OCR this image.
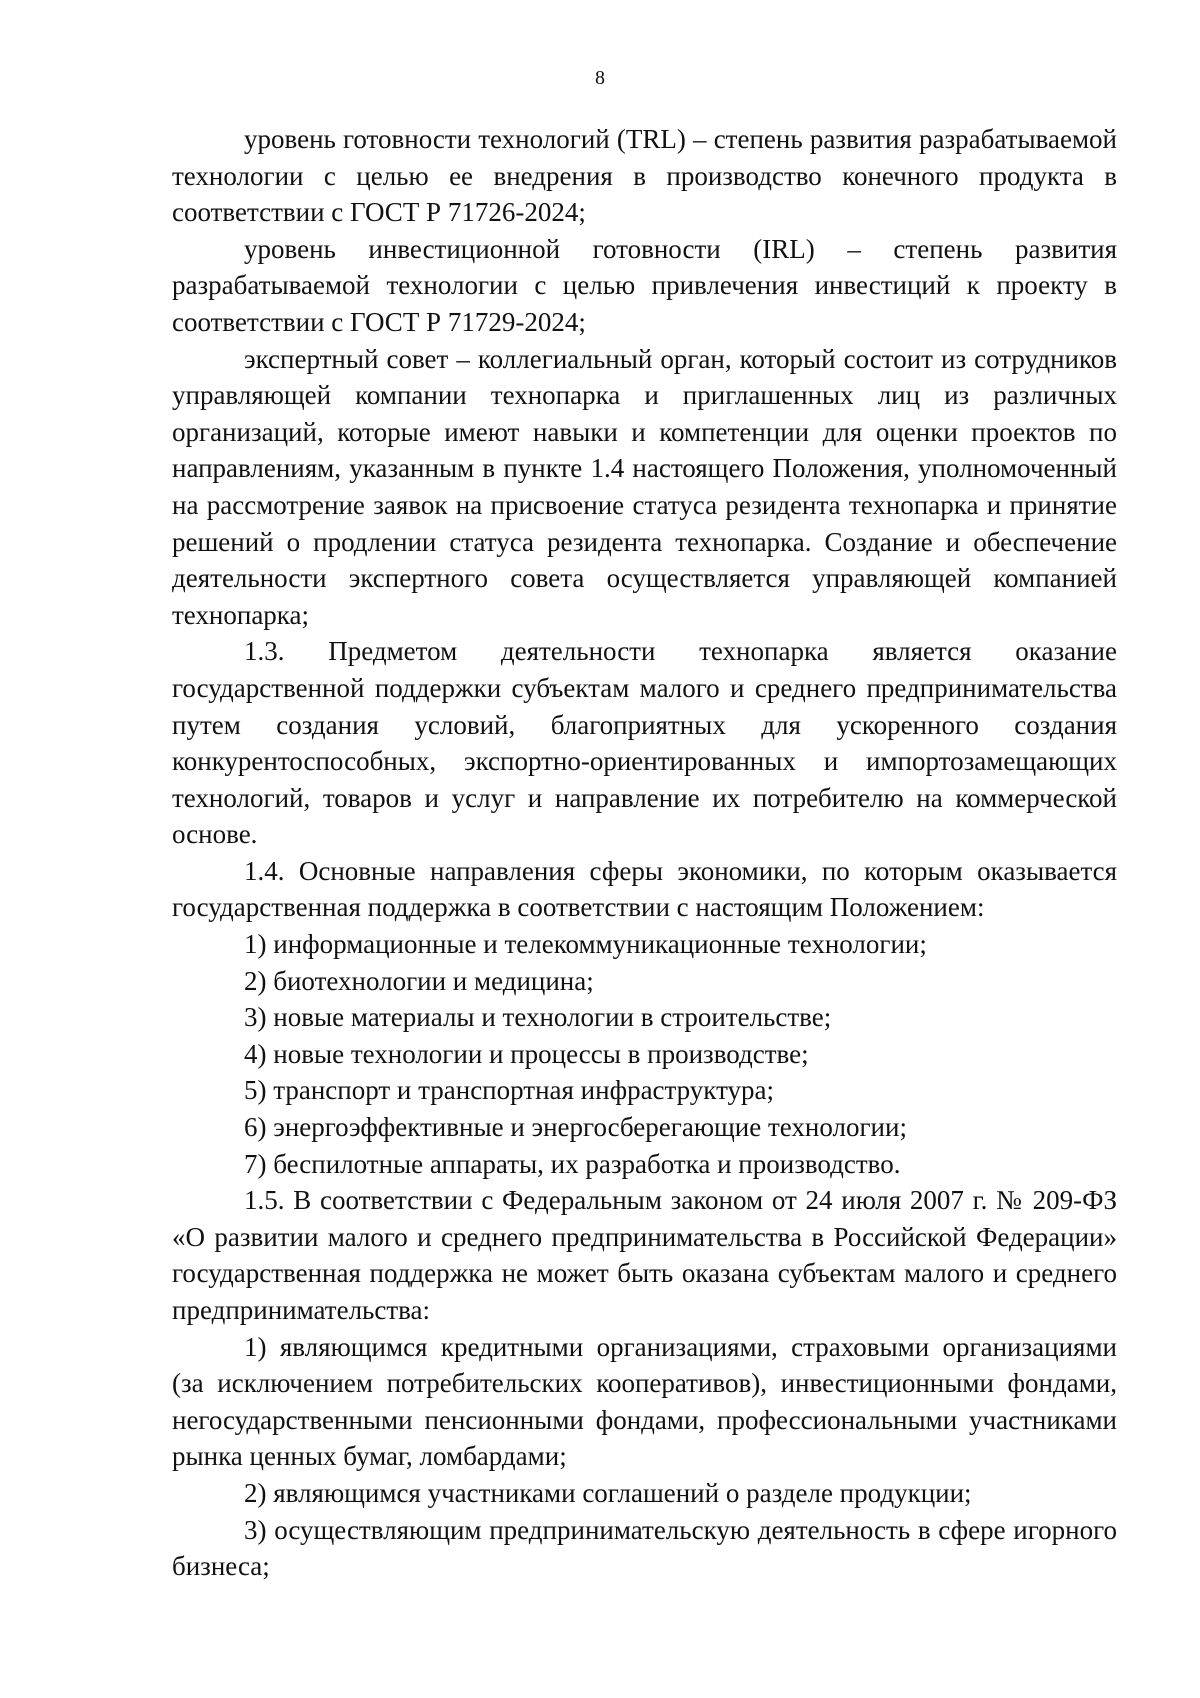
8

уровень готовности технологий (TRL) – степень развития разрабатываемой технологии с целью ее внедрения в производство конечного продукта в соответствии с ГОСТ Р 71726-2024;

уровень инвестиционной готовности (IRL) – степень развития разрабатываемой технологии с целью привлечения инвестиций к проекту в соответствии с ГОСТ Р 71729-2024;

экспертный совет – коллегиальный орган, который состоит из сотрудников управляющей компании технопарка и приглашенных лиц из различных организаций, которые имеют навыки и компетенции для оценки проектов по направлениям, указанным в пункте 1.4 настоящего Положения, уполномоченный на рассмотрение заявок на присвоение статуса резидента технопарка и принятие решений о продлении статуса резидента технопарка. Создание и обеспечение деятельности экспертного совета осуществляется управляющей компанией технопарка;

1.3. Предметом деятельности технопарка является оказание государственной поддержки субъектам малого и среднего предпринимательства путем создания условий, благоприятных для ускоренного создания конкурентоспособных, экспортно-ориентированных и импортозамещающих технологий, товаров и услуг и направление их потребителю на коммерческой основе.

1.4. Основные направления сферы экономики, по которым оказывается государственная поддержка в соответствии с настоящим Положением:

1) информационные и телекоммуникационные технологии;

2) биотехнологии и медицина;

3) новые материалы и технологии в строительстве;

4) новые технологии и процессы в производстве;

5) транспорт и транспортная инфраструктура;

6) энергоэффективные и энергосберегающие технологии;

7) беспилотные аппараты, их разработка и производство.

1.5. В соответствии с Федеральным законом от 24 июля 2007 г. № 209-ФЗ «О развитии малого и среднего предпринимательства в Российской Федерации» государственная поддержка не может быть оказана субъектам малого и среднего предпринимательства:

1) являющимся кредитными организациями, страховыми организациями (за исключением потребительских кооперативов), инвестиционными фондами, негосударственными пенсионными фондами, профессиональными участниками рынка ценных бумаг, ломбардами;

2) являющимся участниками соглашений о разделе продукции;

3) осуществляющим предпринимательскую деятельность в сфере игорного бизнеса;
